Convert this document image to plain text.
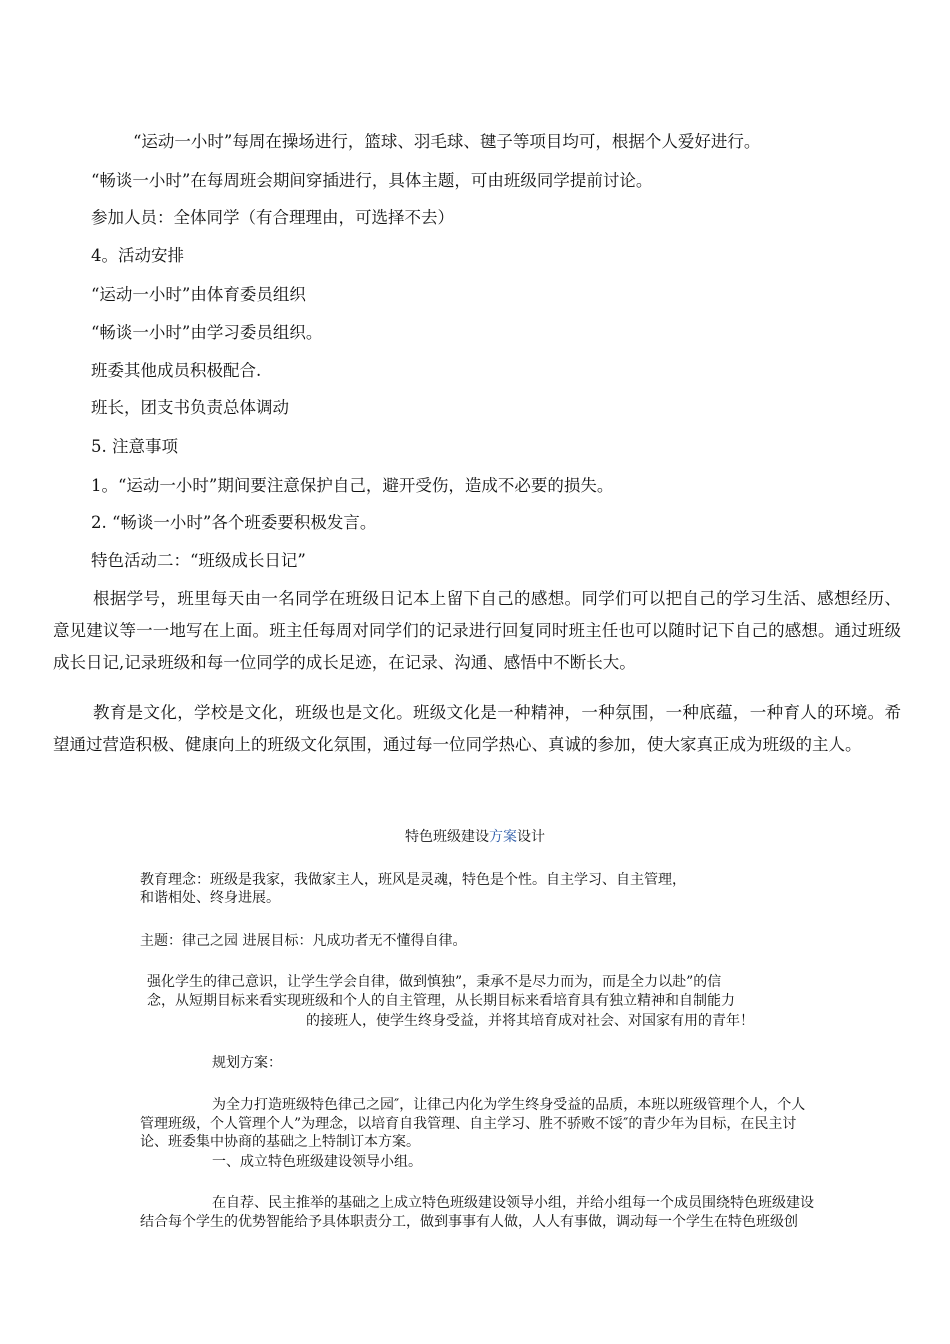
“运动一小时”每周在操场进行，篮球、羽毛球、毽子等项目均可，根据个人爱好进行。
“畅谈一小时”在每周班会期间穿插进行，具体主题，可由班级同学提前讨论。
参加人员：全体同学（有合理理由，可选择不去）
4。活动安排
“运动一小时”由体育委员组织
“畅谈一小时”由学习委员组织。
班委其他成员积极配合.
班长，团支书负责总体调动
5. 注意事项
1。“运动一小时”期间要注意保护自己，避开受伤，造成不必要的损失。
2. “畅谈一小时”各个班委要积极发言。
特色活动二：“班级成长日记”
根据学号，班里每天由一名同学在班级日记本上留下自己的感想。同学们可以把自己的学习生活、感想经历、意见建议等一一地写在上面。班主任每周对同学们的记录进行回复同时班主任也可以随时记下自己的感想。通过班级成长日记,记录班级和每一位同学的成长足迹，在记录、沟通、感悟中不断长大。
教育是文化，学校是文化，班级也是文化。班级文化是一种精神，一种氛围，一种底蕴，一种育人的环境。希望通过营造积极、健康向上的班级文化氛围，通过每一位同学热心、真诚的参加，使大家真正成为班级的主人。
特色班级建设方案设计
教育理念：班级是我家，我做家主人，班风是灵魂，特色是个性。自主学习、自主管理，
和谐相处、终身进展。
主题：律己之园 进展目标：凡成功者无不懂得自律。
强化学生的律己意识，让学生学会自律，做到慎独”，秉承不是尽力而为，而是全力以赴”的信
念，从短期目标来看实现班级和个人的自主管理，从长期目标来看培育具有独立精神和自制能力
的接班人，使学生终身受益，并将其培育成对社会、对国家有用的青年！
规划方案：
为全力打造班级特色律己之园″，让律己内化为学生终身受益的品质，本班以班级管理个人，个人
管理班级，个人管理个人”为理念，以培育自我管理、自主学习、胜不骄败不馁″的青少年为目标，在民主讨
论、班委集中协商的基础之上特制订本方案。
一、成立特色班级建设领导小组。
在自荐、民主推举的基础之上成立特色班级建设领导小组，并给小组每一个成员围绕特色班级建设
结合每个学生的优势智能给予具体职责分工，做到事事有人做，人人有事做，调动每一个学生在特色班级创
